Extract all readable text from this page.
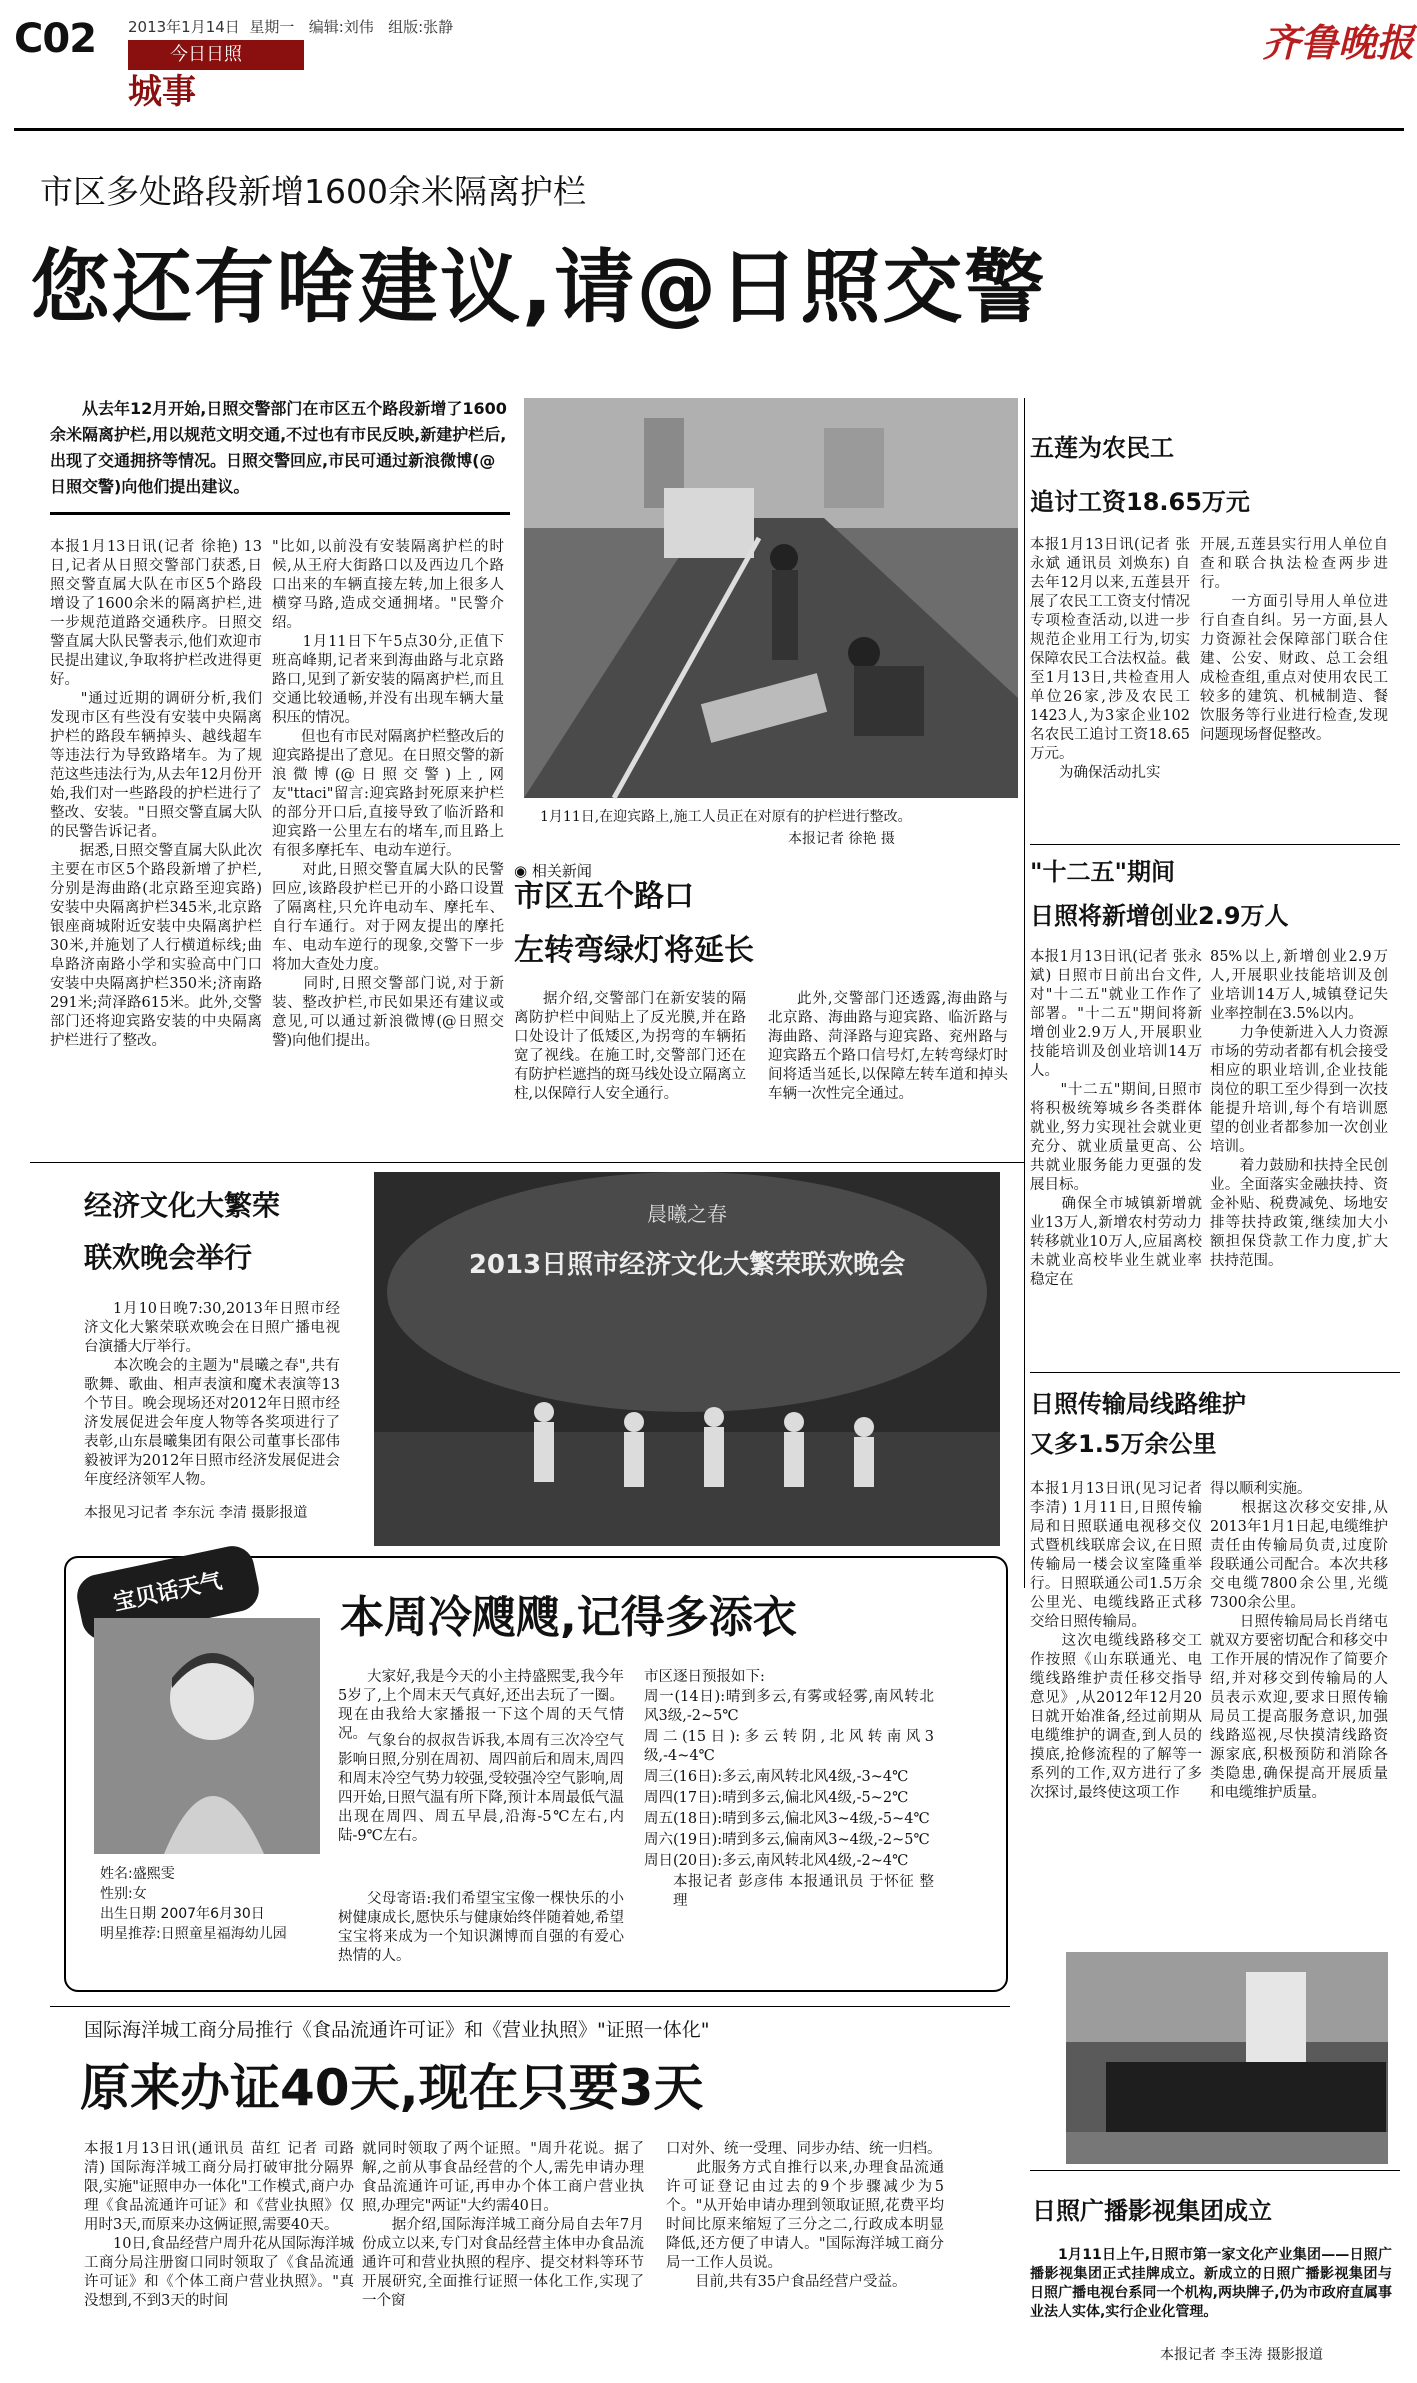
C02 2013年1月14日 星期一 编辑:刘伟 组版:张静
今日日照
城事
齐鲁晚报
市区多处路段新增1600余米隔离护栏
您还有啥建议,请@日照交警
从去年12月开始,日照交警部门在市区五个路段新增了1600余米隔离护栏,用以规范文明交通,不过也有市民反映,新建护栏后,出现了交通拥挤等情况。日照交警回应,市民可通过新浪微博(@日照交警)向他们提出建议。
本报1月13日讯(记者 徐艳) 13日,记者从日照交警部门获悉,日照交警直属大队在市区5个路段增设了1600余米的隔离护栏,进一步规范道路交通秩序。日照交警直属大队民警表示,他们欢迎市民提出建议,争取将护栏改进得更好。
　　"通过近期的调研分析,我们发现市区有些没有安装中央隔离护栏的路段车辆掉头、越线超车等违法行为导致路堵车。为了规范这些违法行为,从去年12月份开始,我们对一些路段的护栏进行了整改、安装。"日照交警直属大队的民警告诉记者。
　　据悉,日照交警直属大队此次主要在市区5个路段新增了护栏,分别是海曲路(北京路至迎宾路)安装中央隔离护栏345米,北京路银座商城附近安装中央隔离护栏30米,并施划了人行横道标线;曲阜路济南路小学和实验高中门口安装中央隔离护栏350米;济南路291米;菏泽路615米。此外,交警部门还将迎宾路安装的中央隔离护栏进行了整改。
"比如,以前没有安装隔离护栏的时候,从王府大街路口以及西边几个路口出来的车辆直接左转,加上很多人横穿马路,造成交通拥堵。"民警介绍。
　　1月11日下午5点30分,正值下班高峰期,记者来到海曲路与北京路路口,见到了新安装的隔离护栏,而且交通比较通畅,并没有出现车辆大量积压的情况。
　　但也有市民对隔离护栏整改后的迎宾路提出了意见。在日照交警的新浪微博(@日照交警)上,网友"ttaci"留言:迎宾路封死原来护栏的部分开口后,直接导致了临沂路和迎宾路一公里左右的堵车,而且路上有很多摩托车、电动车逆行。
　　对此,日照交警直属大队的民警回应,该路段护栏已开的小路口设置了隔离柱,只允许电动车、摩托车、自行车通行。对于网友提出的摩托车、电动车逆行的现象,交警下一步将加大查处力度。
　　同时,日照交警部门说,对于新装、整改护栏,市民如果还有建议或意见,可以通过新浪微博(@日照交警)向他们提出。
1月11日,在迎宾路上,施工人员正在对原有的护栏进行整改。
本报记者 徐艳 摄
◉ 相关新闻
市区五个路口
左转弯绿灯将延长
据介绍,交警部门在新安装的隔离防护栏中间贴上了反光膜,并在路口处设计了低矮区,为拐弯的车辆拓宽了视线。在施工时,交警部门还在有防护栏遮挡的斑马线处设立隔离立柱,以保障行人安全通行。
此外,交警部门还透露,海曲路与北京路、海曲路与迎宾路、临沂路与海曲路、菏泽路与迎宾路、兖州路与迎宾路五个路口信号灯,左转弯绿灯时间将适当延长,以保障左转车道和掉头车辆一次性完全通过。
五莲为农民工
追讨工资18.65万元
本报1月13日讯(记者 张永斌 通讯员 刘焕东) 自去年12月以来,五莲县开展了农民工工资支付情况专项检查活动,以进一步规范企业用工行为,切实保障农民工合法权益。截至1月13日,共检查用人单位26家,涉及农民工1423人,为3家企业102名农民工追讨工资18.65万元。
　　为确保活动扎实
开展,五莲县实行用人单位自查和联合执法检查两步进行。
　　一方面引导用人单位进行自查自纠。另一方面,县人力资源社会保障部门联合住建、公安、财政、总工会组成检查组,重点对使用农民工较多的建筑、机械制造、餐饮服务等行业进行检查,发现问题现场督促整改。
"十二五"期间
日照将新增创业2.9万人
本报1月13日讯(记者 张永斌) 日照市日前出台文件,对"十二五"就业工作作了部署。"十二五"期间将新增创业2.9万人,开展职业技能培训及创业培训14万人。
　　"十二五"期间,日照市将积极统筹城乡各类群体就业,努力实现社会就业更充分、就业质量更高、公共就业服务能力更强的发展目标。
　　确保全市城镇新增就业13万人,新增农村劳动力转移就业10万人,应届离校未就业高校毕业生就业率稳定在
85%以上,新增创业2.9万人,开展职业技能培训及创业培训14万人,城镇登记失业率控制在3.5%以内。
　　力争使新进入人力资源市场的劳动者都有机会接受相应的职业培训,企业技能岗位的职工至少得到一次技能提升培训,每个有培训愿望的创业者都参加一次创业培训。
　　着力鼓励和扶持全民创业。全面落实金融扶持、资金补贴、税费减免、场地安排等扶持政策,继续加大小额担保贷款工作力度,扩大扶持范围。
日照传输局线路维护
又多1.5万余公里
本报1月13日讯(见习记者 李清) 1月11日,日照传输局和日照联通电视移交仪式暨机线联席会议,在日照传输局一楼会议室隆重举行。日照联通公司1.5万余公里光、电缆线路正式移交给日照传输局。
　　这次电缆线路移交工作按照《山东联通光、电缆线路维护责任移交指导意见》,从2012年12月20日就开始准备,经过前期从电缆维护的调查,到人员的摸底,抢修流程的了解等一系列的工作,双方进行了多次探讨,最终使这项工作
得以顺利实施。
　　根据这次移交安排,从2013年1月1日起,电缆维护责任由传输局负责,过度阶段联通公司配合。本次共移交电缆7800余公里,光缆7300余公里。
　　日照传输局局长肖绪屯就双方要密切配合和移交中工作开展的情况作了简要介绍,并对移交到传输局的人员表示欢迎,要求日照传输局员工提高服务意识,加强线路巡视,尽快摸清线路资源家底,积极预防和消除各类隐患,确保提高开展质量和电缆维护质量。
日照广播影视集团成立
1月11日上午,日照市第一家文化产业集团——日照广播影视集团正式挂牌成立。新成立的日照广播影视集团与日照广播电视台系同一个机构,两块牌子,仍为市政府直属事业法人实体,实行企业化管理。
本报记者 李玉涛 摄影报道
经济文化大繁荣
联欢晚会举行
1月10日晚7:30,2013年日照市经济文化大繁荣联欢晚会在日照广播电视台演播大厅举行。
　　本次晚会的主题为"晨曦之春",共有歌舞、歌曲、相声表演和魔术表演等13个节目。晚会现场还对2012年日照市经济发展促进会年度人物等各奖项进行了表彰,山东晨曦集团有限公司董事长邵伟毅被评为2012年日照市经济发展促进会年度经济领军人物。
本报见习记者 李东沅 李清 摄影报道
晨曦之春
2013日照市经济文化大繁荣联欢晚会
宝贝话天气
姓名:盛熙雯
性别:女
出生日期 2007年6月30日
明星推荐:日照童星福海幼儿园
本周冷飕飕,记得多添衣
大家好,我是今天的小主持盛熙雯,我今年5岁了,上个周末天气真好,还出去玩了一圈。现在由我给大家播报一下这个周的天气情况。 气象台的叔叔告诉我,本周有三次冷空气影响日照,分别在周初、周四前后和周末,周四和周末冷空气势力较强,受较强冷空气影响,周四开始,日照气温有所下降,预计本周最低气温出现在周四、周五早晨,沿海-5℃左右,内陆-9℃左右。
父母寄语:我们希望宝宝像一棵快乐的小树健康成长,愿快乐与健康始终伴随着她,希望宝宝将来成为一个知识渊博而自强的有爱心热情的人。
市区逐日预报如下:
周一(14日):晴到多云,有雾或轻雾,南风转北风3级,-2~5℃
周二(15日):多云转阴,北风转南风3级,-4~4℃
周三(16日):多云,南风转北风4级,-3~4℃
周四(17日):晴到多云,偏北风4级,-5~2℃
周五(18日):晴到多云,偏北风3~4级,-5~4℃
周六(19日):晴到多云,偏南风3~4级,-2~5℃
周日(20日):多云,南风转北风4级,-2~4℃
本报记者 彭彦伟 本报通讯员 于怀征 整理
国际海洋城工商分局推行《食品流通许可证》和《营业执照》"证照一体化"
原来办证40天,现在只要3天
本报1月13日讯(通讯员 苗红 记者 司路清) 国际海洋城工商分局打破审批分隔界限,实施"证照申办一体化"工作模式,商户办理《食品流通许可证》和《营业执照》仅用时3天,而原来办这俩证照,需要40天。
　　10日,食品经营户周升花从国际海洋城工商分局注册窗口同时领取了《食品流通许可证》和《个体工商户营业执照》。"真没想到,不到3天的时间
就同时领取了两个证照。"周升花说。据了解,之前从事食品经营的个人,需先申请办理食品流通许可证,再申办个体工商户营业执照,办理完"两证"大约需40日。
　　据介绍,国际海洋城工商分局自去年7月份成立以来,专门对食品经营主体申办食品流通许可和营业执照的程序、提交材料等环节开展研究,全面推行证照一体化工作,实现了一个窗
口对外、统一受理、同步办结、统一归档。
　　此服务方式自推行以来,办理食品流通许可证登记由过去的9个步骤减少为5个。"从开始申请办理到领取证照,花费平均时间比原来缩短了三分之二,行政成本明显降低,还方便了申请人。"国际海洋城工商分局一工作人员说。
　　目前,共有35户食品经营户受益。
